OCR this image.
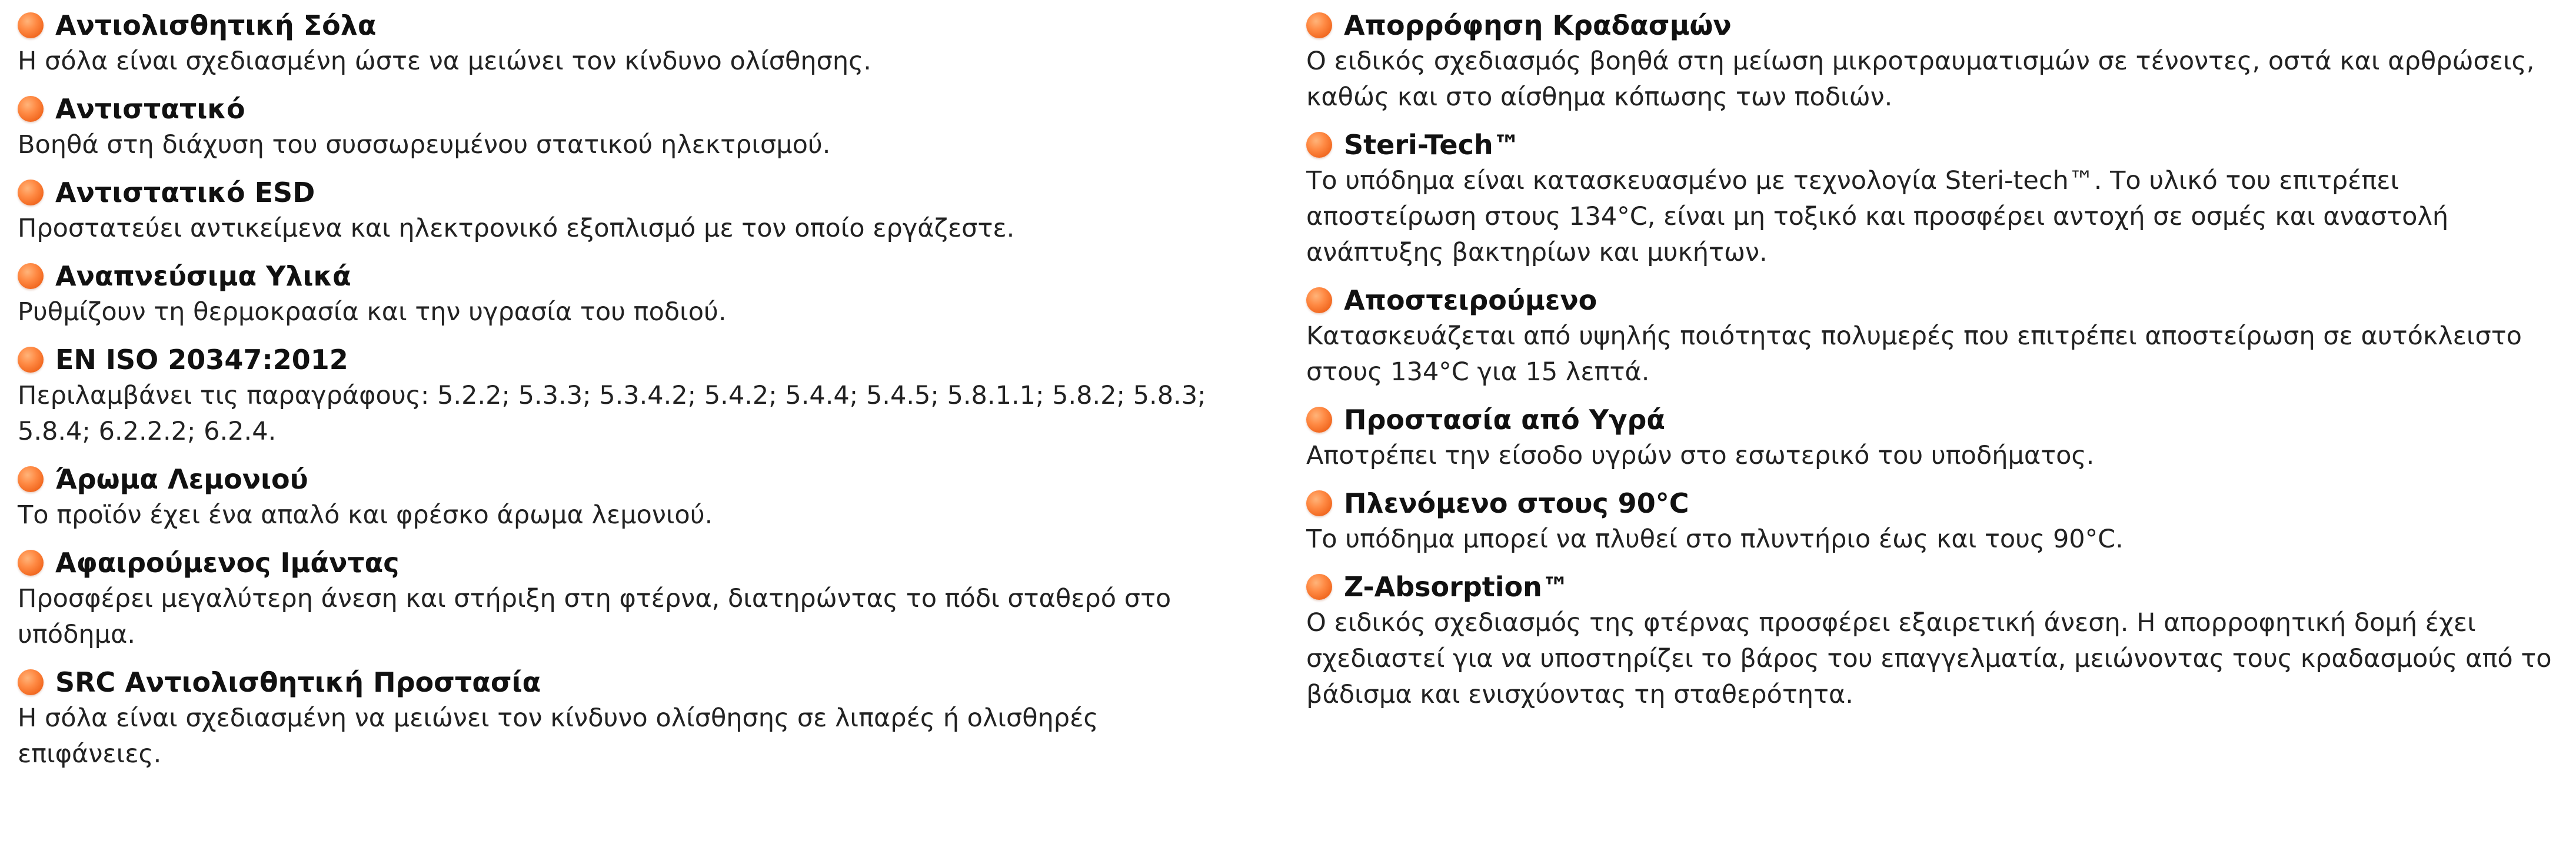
Αντιολισθητική Σόλα

Η σόλα είναι σχεδιασμένη ώστε να μειώνει τον κίνδυνο ολίσθησης.

Αντιστατικό

Βοηθά στη διάχυση του συσσωρευμένου στατικού ηλεκτρισμού.

Αντιστατικό ESD

Προστατεύει αντικείμενα και ηλεκτρονικό εξοπλισμό με τον οποίο εργάζεστε.

Αναπνεύσιμα Υλικά

Ρυθμίζουν τη θερμοκρασία και την υγρασία του ποδιού.

EN ISO 20347:2012

Περιλαμβάνει τις παραγράφους: 5.2.2; 5.3.3; 5.3.4.2; 5.4.2; 5.4.4; 5.4.5; 5.8.1.1; 5.8.2; 5.8.3; 5.8.4; 6.2.2.2; 6.2.4.

Άρωμα Λεμονιού

Το προϊόν έχει ένα απαλό και φρέσκο άρωμα λεμονιού.

Αφαιρούμενος Ιμάντας

Προσφέρει μεγαλύτερη άνεση και στήριξη στη φτέρνα, διατηρώντας το πόδι σταθερό στο υπόδημα.

SRC Αντιολισθητική Προστασία

Η σόλα είναι σχεδιασμένη να μειώνει τον κίνδυνο ολίσθησης σε λιπαρές ή ολισθηρές επιφάνειες.

Απορρόφηση Κραδασμών

Ο ειδικός σχεδιασμός βοηθά στη μείωση μικροτραυματισμών σε τένοντες, οστά και αρθρώσεις, καθώς και στο αίσθημα κόπωσης των ποδιών.

Steri-Tech™

Το υπόδημα είναι κατασκευασμένο με τεχνολογία Steri-tech™. Το υλικό του επιτρέπει αποστείρωση στους 134°C, είναι μη τοξικό και προσφέρει αντοχή σε οσμές και αναστολή ανάπτυξης βακτηρίων και μυκήτων.

Αποστειρούμενο

Κατασκευάζεται από υψηλής ποιότητας πολυμερές που επιτρέπει αποστείρωση σε αυτόκλειστο στους 134°C για 15 λεπτά.

Προστασία από Υγρά

Αποτρέπει την είσοδο υγρών στο εσωτερικό του υποδήματος.

Πλενόμενο στους 90°C

Το υπόδημα μπορεί να πλυθεί στο πλυντήριο έως και τους 90°C.

Z-Absorption™

Ο ειδικός σχεδιασμός της φτέρνας προσφέρει εξαιρετική άνεση. Η απορροφητική δομή έχει σχεδιαστεί για να υποστηρίζει το βάρος του επαγγελματία, μειώνοντας τους κραδασμούς από το βάδισμα και ενισχύοντας τη σταθερότητα.
